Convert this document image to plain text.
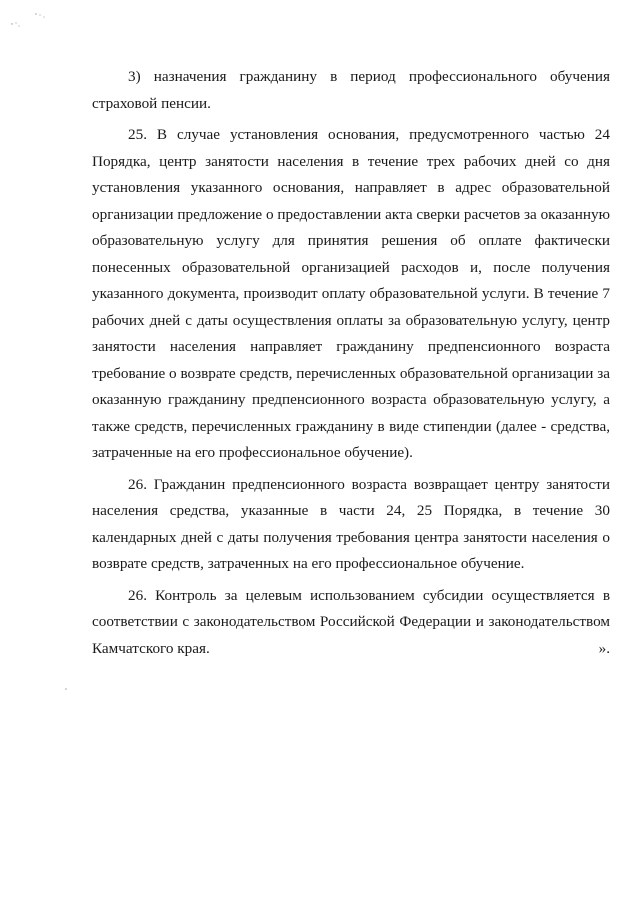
3) назначения гражданину в период профессионального обучения страховой пенсии.

25. В случае установления основания, предусмотренного частью 24 Порядка, центр занятости населения в течение трех рабочих дней со дня установления указанного основания, направляет в адрес образовательной организации предложение о предоставлении акта сверки расчетов за оказанную образовательную услугу для принятия решения об оплате фактически понесенных образовательной организацией расходов и, после получения указанного документа, производит оплату образовательной услуги. В течение 7 рабочих дней с даты осуществления оплаты за образовательную услугу, центр занятости населения направляет гражданину предпенсионного возраста требование о возврате средств, перечисленных образовательной организации за оказанную гражданину предпенсионного возраста образовательную услугу, а также средств, перечисленных гражданину в виде стипендии (далее - средства, затраченные на его профессиональное обучение).

26. Гражданин предпенсионного возраста возвращает центру занятости населения средства, указанные в части 24, 25 Порядка, в течение 30 календарных дней с даты получения требования центра занятости населения о возврате средств, затраченных на его профессиональное обучение.

26. Контроль за целевым использованием субсидии осуществляется в соответствии с законодательством Российской Федерации и законодательством Камчатского края.	».
